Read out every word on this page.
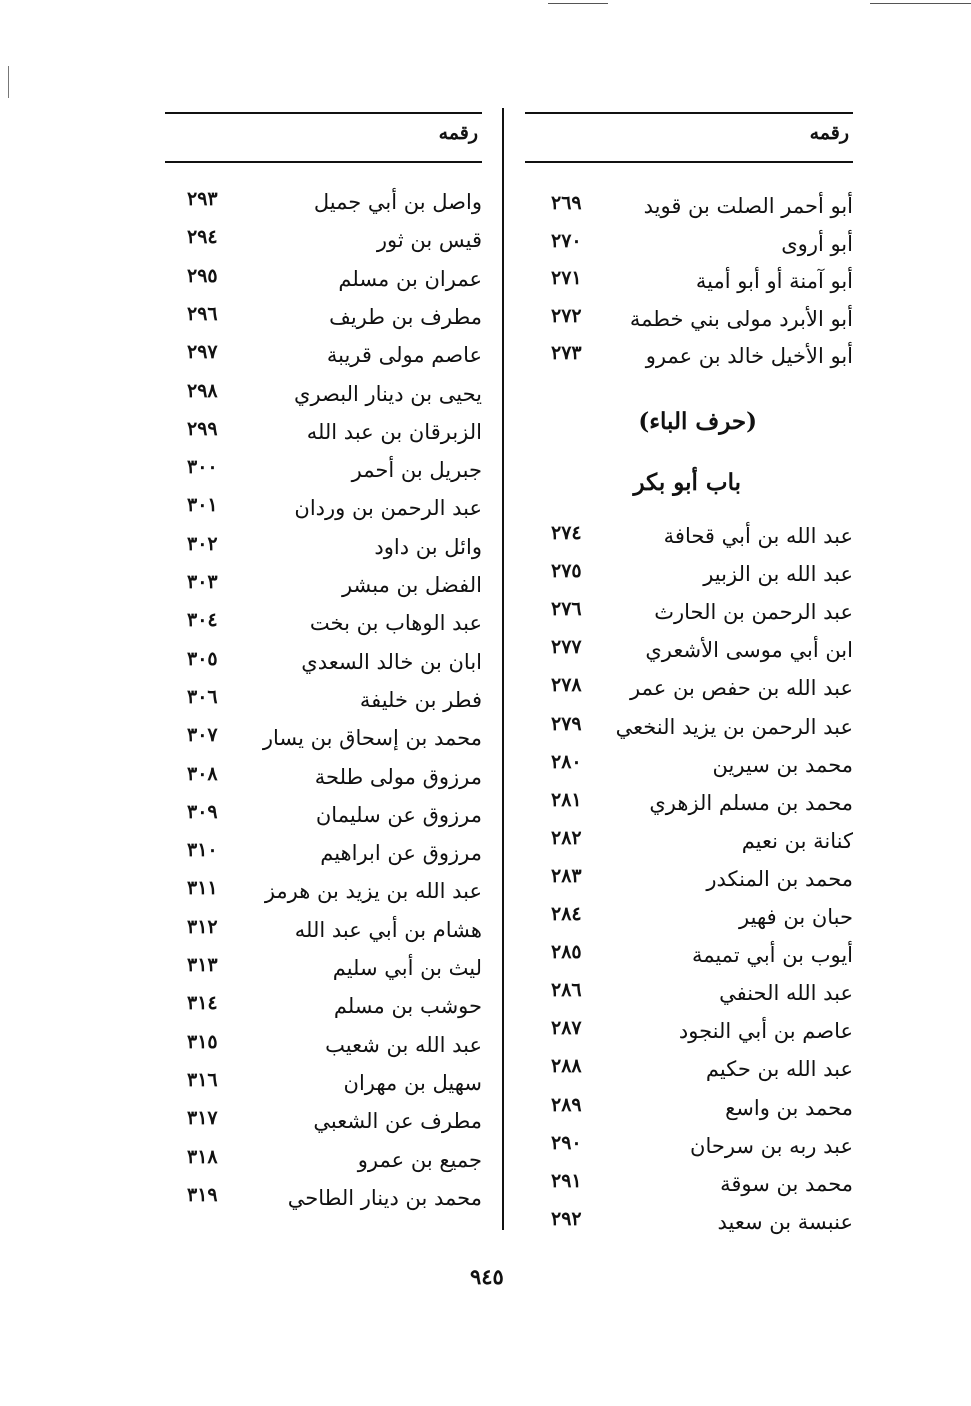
رقمه
(حرف الباء)
باب أبو بكر
أبو أحمر الصلت بن قويد
٢٦٩
أبو أروى
٢٧٠
أبو آمنة أو أبو أمية
٢٧١
أبو الأبرد مولى بني خطمة
٢٧٢
أبو الأخيل خالد بن عمرو
٢٧٣
عبد الله بن أبي قحافة
٢٧٤
عبد الله بن الزبير
٢٧٥
عبد الرحمن بن الحارث
٢٧٦
ابن أبي موسى الأشعري
٢٧٧
عبد الله بن حفص بن عمر
٢٧٨
عبد الرحمن بن يزيد النخعي
٢٧٩
محمد بن سيرين
٢٨٠
محمد بن مسلم الزهري
٢٨١
كنانة بن نعيم
٢٨٢
محمد بن المنكدر
٢٨٣
حبان بن فهير
٢٨٤
أيوب بن أبي تميمة
٢٨٥
عبد الله الحنفي
٢٨٦
عاصم بن أبي النجود
٢٨٧
عبد الله بن حكيم
٢٨٨
محمد بن واسع
٢٨٩
عبد ربه بن سرحان
٢٩٠
محمد بن سوقة
٢٩١
عنبسة بن سعيد
٢٩٢
رقمه
واصل بن أبي جميل
٢٩٣
قيس بن ثور
٢٩٤
عمران بن مسلم
٢٩٥
مطرف بن طريف
٢٩٦
عاصم مولى قريبة
٢٩٧
يحيى بن دينار البصري
٢٩٨
الزبرقان بن عبد الله
٢٩٩
جبريل بن أحمر
٣٠٠
عبد الرحمن بن وردان
٣٠١
وائل بن داود
٣٠٢
الفضل بن مبشر
٣٠٣
عبد الوهاب بن بخت
٣٠٤
ابان بن خالد السعدي
٣٠٥
فطر بن خليفة
٣٠٦
محمد بن إسحاق بن يسار
٣٠٧
مرزوق مولى طلحة
٣٠٨
مرزوق عن سليمان
٣٠٩
مرزوق عن ابراهيم
٣١٠
عبد الله بن يزيد بن هرمز
٣١١
هشام بن أبي عبد الله
٣١٢
ليث بن أبي سليم
٣١٣
حوشب بن مسلم
٣١٤
عبد الله بن شعيب
٣١٥
سهيل بن مهران
٣١٦
مطرف عن الشعبي
٣١٧
جميع بن عمرو
٣١٨
محمد بن دينار الطاحي
٣١٩
٩٤٥
